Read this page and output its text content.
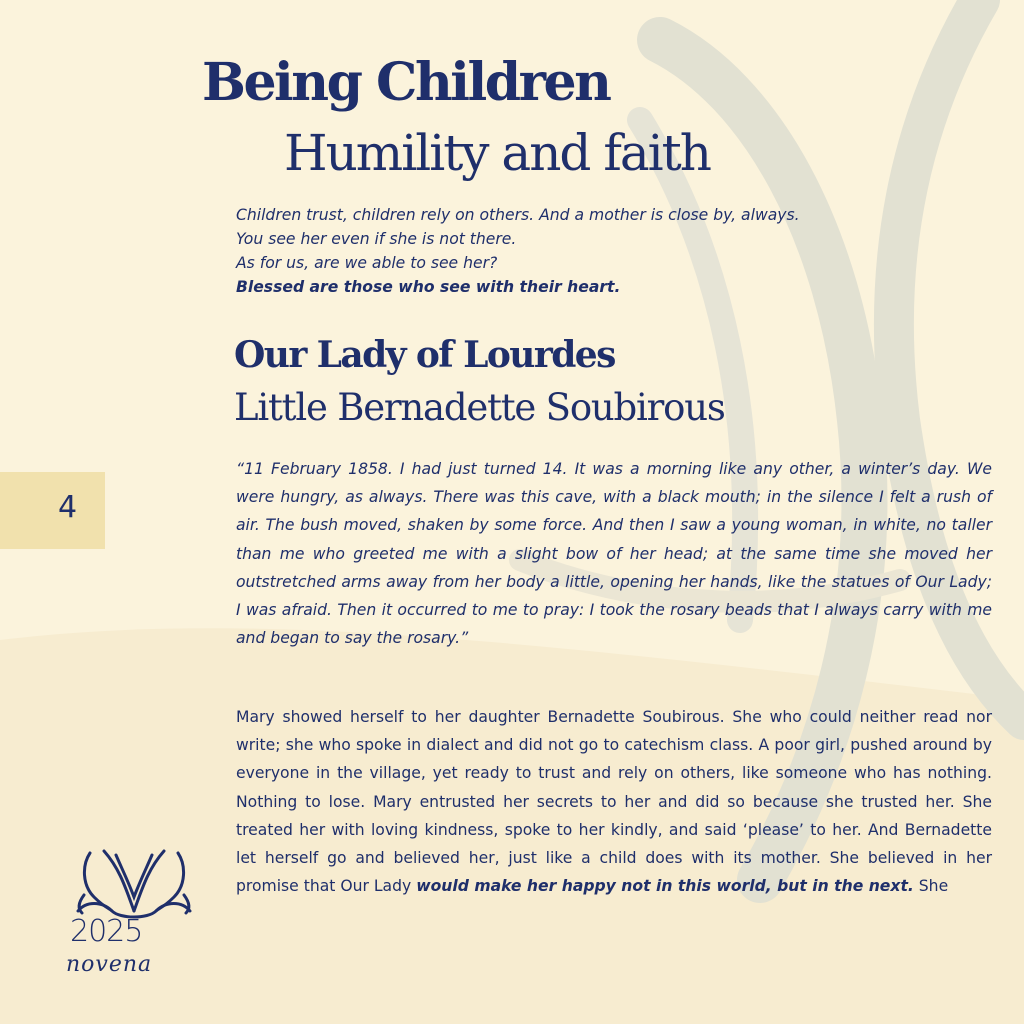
4
Being Children
Humility and faith
Children trust, children rely on others. And a mother is close by, always.
You see her even if she is not there.
As for us, are we able to see her?
Blessed are those who see with their heart.
Our Lady of Lourdes
Little Bernadette Soubirous
“11 February 1858. I had just turned 14. It was a morning like any other, a winter’s day. We were hungry, as always. There was this cave, with a black mouth; in the silence I felt a rush of air. The bush moved, shaken by some force. And then I saw a young woman, in white, no taller than me who greeted me with a slight bow of her head; at the same time she moved her outstretched arms away from her body a little, opening her hands, like the statues of Our Lady; I was afraid. Then it occurred to me to pray: I took the rosary beads that I always carry with me and began to say the rosary.”
Mary showed herself to her daughter Bernadette Soubirous. She who could neither read nor write; she who spoke in dialect and did not go to catechism class. A poor girl, pushed around by everyone in the village, yet ready to trust and rely on others, like someone who has nothing. Nothing to lose. Mary entrusted her secrets to her and did so because she trusted her. She treated her with loving kindness, spoke to her kindly, and said ‘please’ to her. And Bernadette let herself go and believed her, just like a child does with its mother. She believed in her promise that Our Lady would make her happy not in this world, but in the next. She
2025
novena
